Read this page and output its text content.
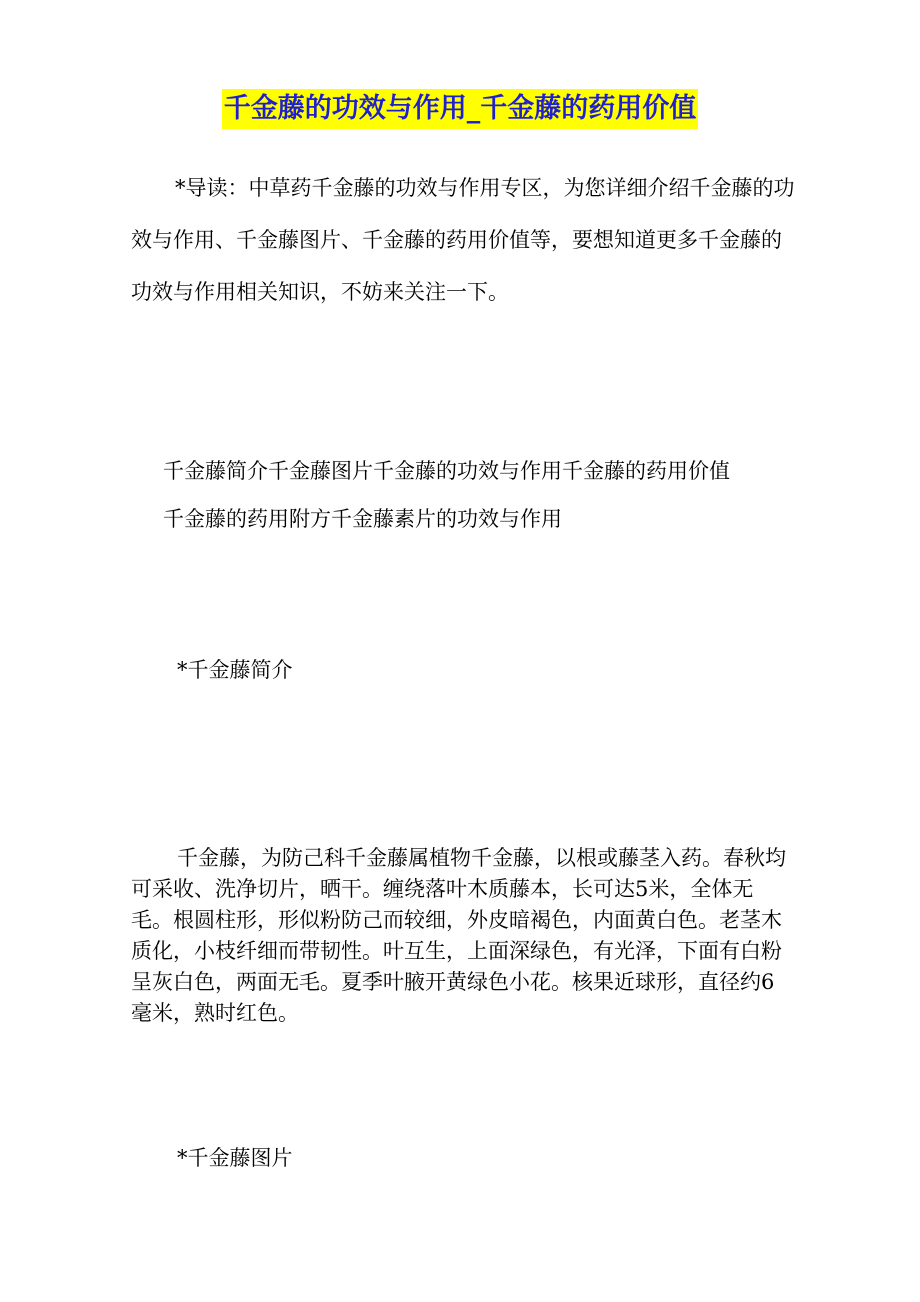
千金藤的功效与作用_千金藤的药用价值

*导读：中草药千金藤的功效与作用专区，为您详细介绍千金藤的功效与作用、千金藤图片、千金藤的药用价值等，要想知道更多千金藤的功效与作用相关知识，不妨来关注一下。

千金藤简介千金藤图片千金藤的功效与作用千金藤的药用价值
千金藤的药用附方千金藤素片的功效与作用

*千金藤简介

千金藤，为防己科千金藤属植物千金藤，以根或藤茎入药。春秋均可采收、洗净切片，晒干。缠绕落叶木质藤本，长可达5米，全体无毛。根圆柱形，形似粉防己而较细，外皮暗褐色，内面黄白色。老茎木质化，小枝纤细而带韧性。叶互生，上面深绿色，有光泽，下面有白粉呈灰白色，两面无毛。夏季叶腋开黄绿色小花。核果近球形，直径约6毫米，熟时红色。

*千金藤图片
